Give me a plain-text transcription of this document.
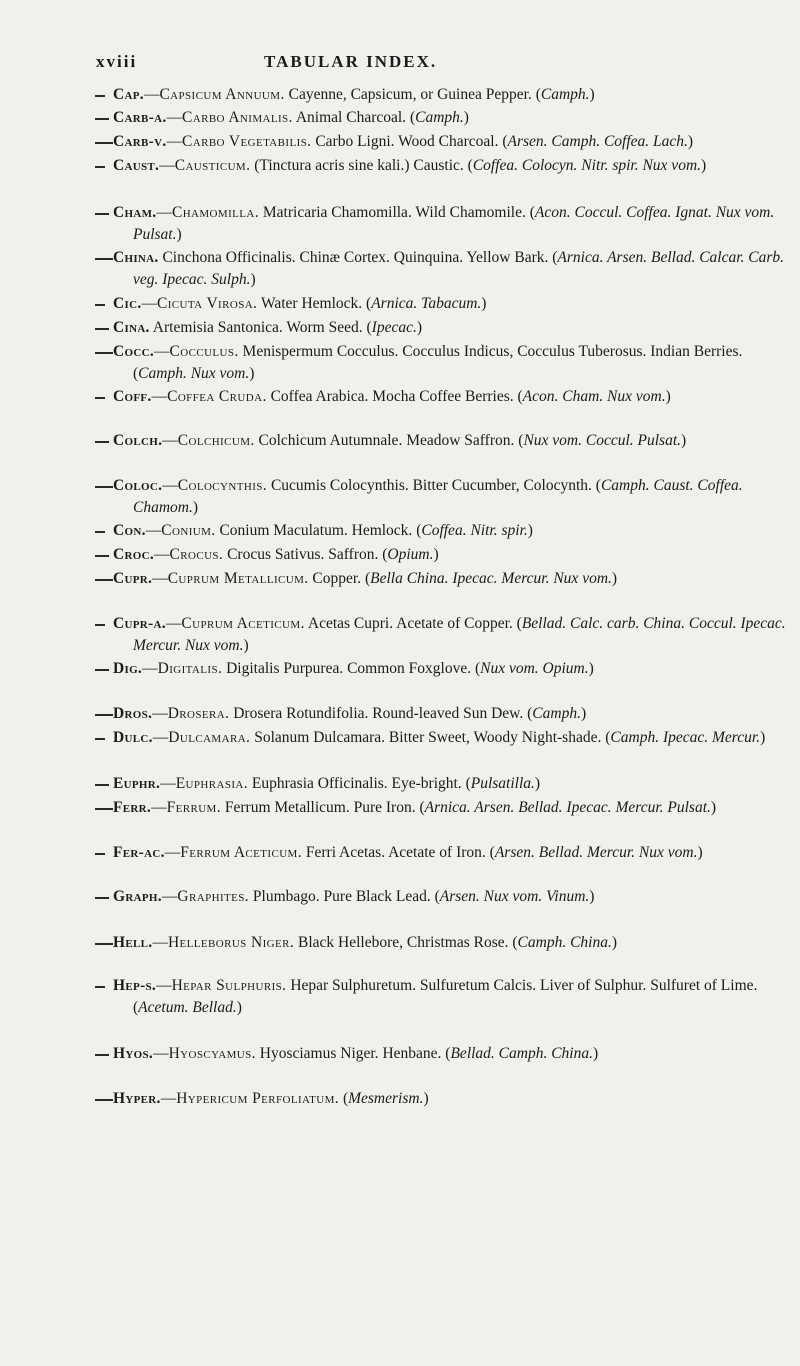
xviii	TABULAR INDEX.
Cap.—Capsicum Annuum. Cayenne, Capsicum, or Guinea Pepper. (Camph.)
Carb-a.—Carbo Animalis. Animal Charcoal. (Camph.)
Carb-v.—Carbo Vegetabilis. Carbo Ligni. Wood Charcoal. (Arsen. Camph. Coffea. Lach.)
Caust.—Causticum. (Tinctura acris sine kali.) Caustic. (Coffea. Colocyn. Nitr. spir. Nux vom.)
Cham.—Chamomilla. Matricaria Chamomilla. Wild Chamomile. (Acon. Coccul. Coffea. Ignat. Nux vom. Pulsat.)
China. Cinchona Officinalis. Chinæ Cortex. Quinquina. Yellow Bark. (Arnica. Arsen. Bellad. Calcar. Carb. veg. Ipecac. Sulph.)
Cic.—Cicuta Virosa. Water Hemlock. (Arnica. Tabacum.)
Cina. Artemisia Santonica. Worm Seed. (Ipecac.)
Cocc.—Cocculus. Menispermum Cocculus. Cocculus Indicus, Cocculus Tuberosus. Indian Berries. (Camph. Nux vom.)
Coff.—Coffea Cruda. Coffea Arabica. Mocha Coffee Berries. (Acon. Cham. Nux vom.)
Colch.—Colchicum. Colchicum Autumnale. Meadow Saffron. (Nux vom. Coccul. Pulsat.)
Coloc.—Colocynthis. Cucumis Colocynthis. Bitter Cucumber, Colocynth. (Camph. Caust. Coffea. Chamom.)
Con.—Conium. Conium Maculatum. Hemlock. (Coffea. Nitr. spir.)
Croc.—Crocus. Crocus Sativus. Saffron. (Opium.)
Cupr.—Cuprum Metallicum. Copper. (Bella China. Ipecac. Mercur. Nux vom.)
Cupr-a.—Cuprum Aceticum. Acetas Cupri. Acetate of Copper. (Bellad. Calc. carb. China. Coccul. Ipecac. Mercur. Nux vom.)
Dig.—Digitalis. Digitalis Purpurea. Common Foxglove. (Nux vom. Opium.)
Dros.—Drosera. Drosera Rotundifolia. Round-leaved Sun Dew. (Camph.)
Dulc.—Dulcamara. Solanum Dulcamara. Bitter Sweet, Woody Night-shade. (Camph. Ipecac. Mercur.)
Euphr.—Euphrasia. Euphrasia Officinalis. Eye-bright. (Pulsatilla.)
Ferr.—Ferrum. Ferrum Metallicum. Pure Iron. (Arnica. Arsen. Bellad. Ipecac. Mercur. Pulsat.)
Fer-ac.—Ferrum Aceticum. Ferri Acetas. Acetate of Iron. (Arsen. Bellad. Mercur. Nux vom.)
Graph.—Graphites. Plumbago. Pure Black Lead. (Arsen. Nux vom. Vinum.)
Hell.—Helleborus Niger. Black Hellebore, Christmas Rose. (Camph. China.)
Hep-s.—Hepar Sulphuris. Hepar Sulphuretum. Sulfuretum Calcis. Liver of Sulphur. Sulfuret of Lime. (Acetum. Bellad.)
Hyos.—Hyoscyamus. Hyosciamus Niger. Henbane. (Bellad. Camph. China.)
Hyper.—Hypericum Perfoliatum. (Mesmerism.)
